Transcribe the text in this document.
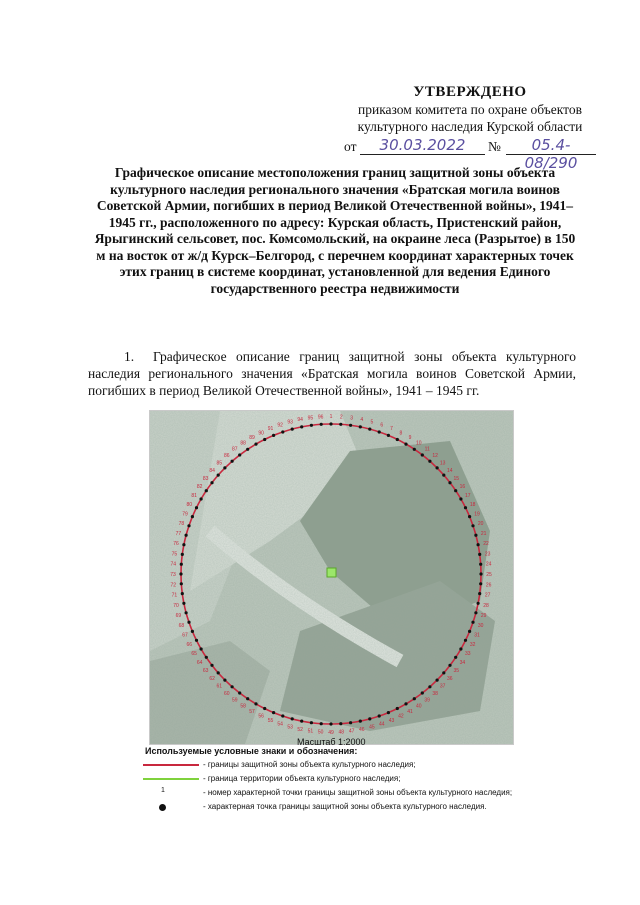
УТВЕРЖДЕНО
приказом комитета по охране объектов
культурного наследия Курской области
от	30.03.2022	№	05.4-08/290
Графическое описание местоположения границ защитной зоны объекта культурного наследия регионального значения «Братская могила воинов Советской Армии, погибших в период Великой Отечественной войны», 1941–1945 гг., расположенного по адресу: Курская область, Пристенский район, Ярыгинский сельсовет, пос. Комсомольский, на окраине леса (Разрытое) в 150 м на восток от ж/д Курск–Белгород, с перечнем координат характерных точек этих границ в системе координат, установленной для ведения Единого государственного реестра недвижимости
1. Графическое описание границ защитной зоны объекта культурного наследия регионального значения «Братская могила воинов Советской Армии, погибших в период Великой Отечественной войны», 1941 – 1945 гг.
1 2 3 4 5 6
7
8
9
10
11
12
13
14
15
16
17
18
19
20
21
22
23
24
25
26
27
28
29
30
31
32
33
34
35
36
37
38
39
40
41
42
43
44
45
46
47
48
49
50
51
52
53
54
55
56
57
58
59
60
61
62
63
64
65
66
67
68
69
70
71
72
73
74
75
76
77
78
79
80
81
82
83
84
85
86
87
88
89
90
91
92 93 94 95 96
Масштаб 1:2000
Используемые условные знаки и обозначения:
- границы защитной зоны объекта культурного наследия;
- граница территории объекта культурного наследия;
1	- номер характерной точки границы защитной зоны объекта культурного наследия;
- характерная точка границы защитной зоны объекта культурного наследия.
